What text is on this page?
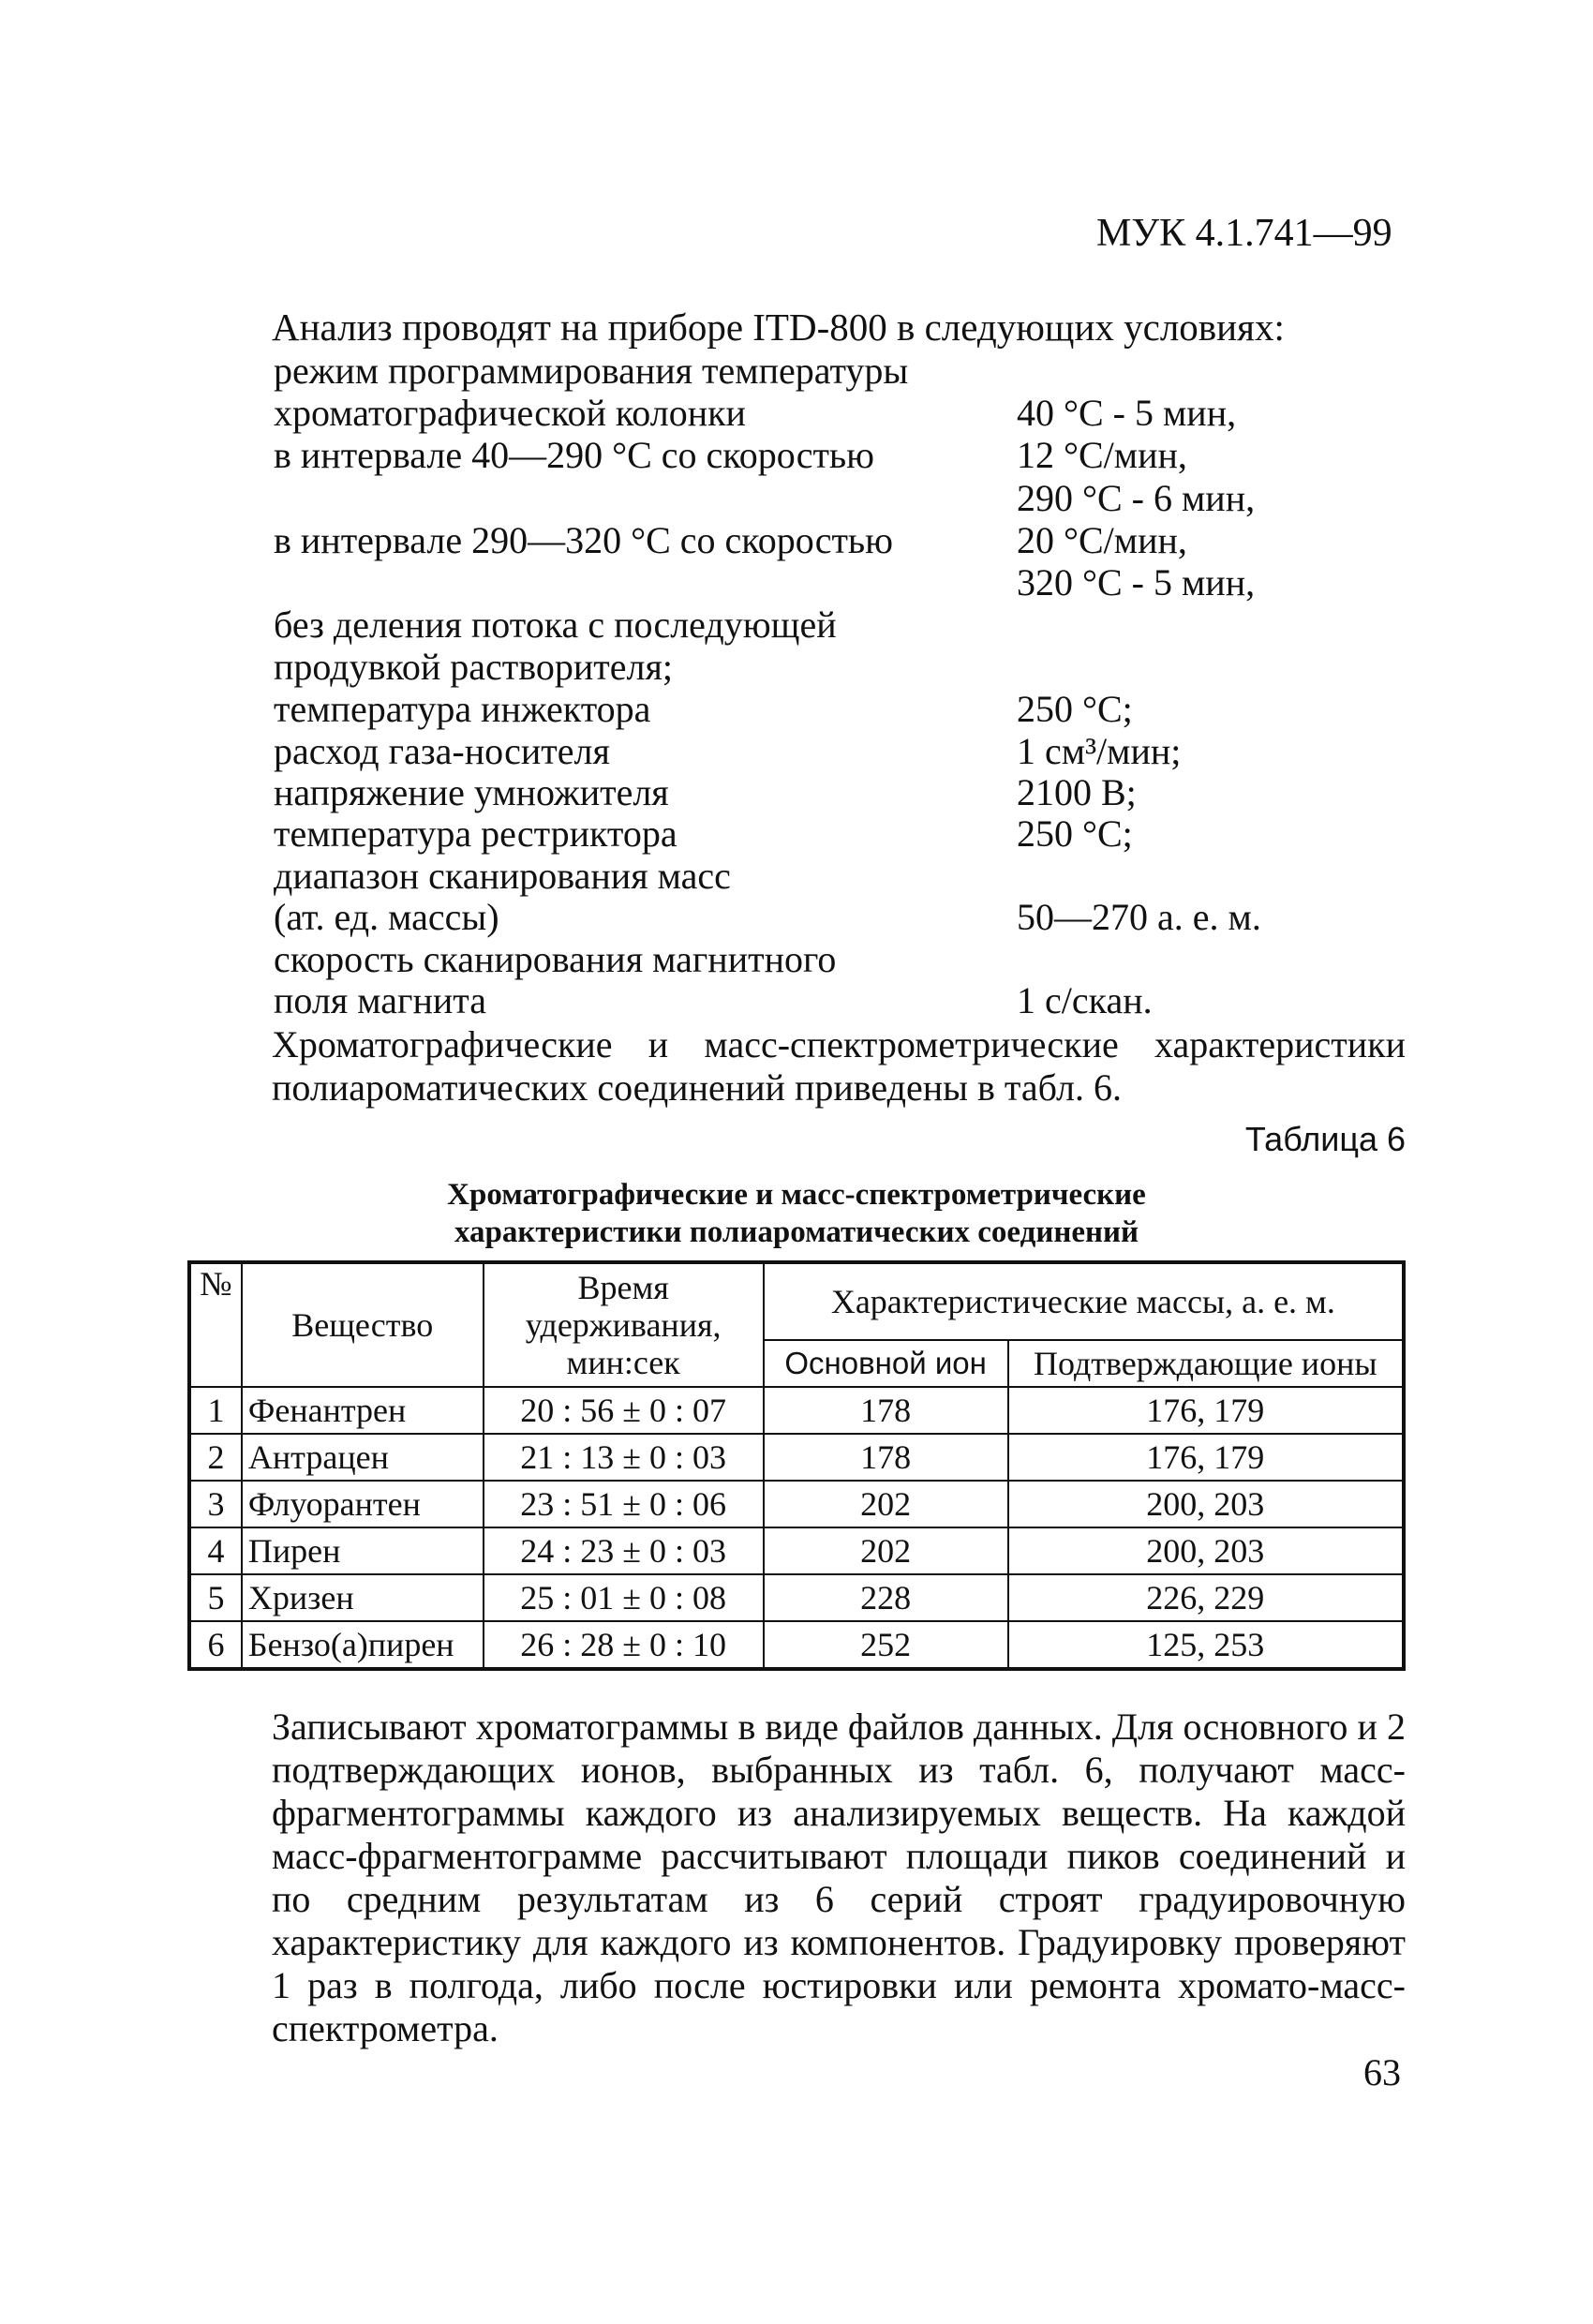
МУК 4.1.741—99
Анализ проводят на приборе ITD-800 в следующих условиях:
режим программирования температуры
хроматографической колонки	40 °С - 5 мин,
в интервале 40—290 °С со скоростью	12 °С/мин,
290 °С - 6 мин,
в интервале 290—320 °С со скоростью	20 °С/мин,
320 °С - 5 мин,
без деления потока с последующей
продувкой растворителя;
температура инжектора	250 °С;
расход газа-носителя	1 см³/мин;
напряжение умножителя	2100 В;
температура рестриктора	250 °С;
диапазон сканирования масс
(ат. ед. массы)	50—270 а. е. м.
скорость сканирования магнитного
поля магнита	1 с/скан.
Хроматографические и масс-спектрометрические характеристики полиароматических соединений приведены в табл. 6.
Таблица 6
Хроматографические и масс-спектрометрические
характеристики полиароматических соединений
№	Вещество	Время удерживания, мин:сек	Характеристические массы, а. е. м.	
			Основной ион	Подтверждающие ионы
1	Фенантрен	20 : 56 ± 0 : 07	178	176, 179
2	Антрацен	21 : 13 ± 0 : 03	178	176, 179
3	Флуорантен	23 : 51 ± 0 : 06	202	200, 203
4	Пирен	24 : 23 ± 0 : 03	202	200, 203
5	Хризен	25 : 01 ± 0 : 08	228	226, 229
6	Бензо(а)пирен	26 : 28 ± 0 : 10	252	125, 253
Записывают хроматограммы в виде файлов данных. Для основного и 2 подтверждающих ионов, выбранных из табл. 6, получают масс-фрагментограммы каждого из анализируемых веществ. На каждой масс-фрагментограмме рассчитывают площади пиков соединений и по средним результатам из 6 серий строят градуировочную характеристику для каждого из компонентов. Градуировку проверяют 1 раз в полгода, либо после юстировки или ремонта хромато-масс-спектрометра.
63
